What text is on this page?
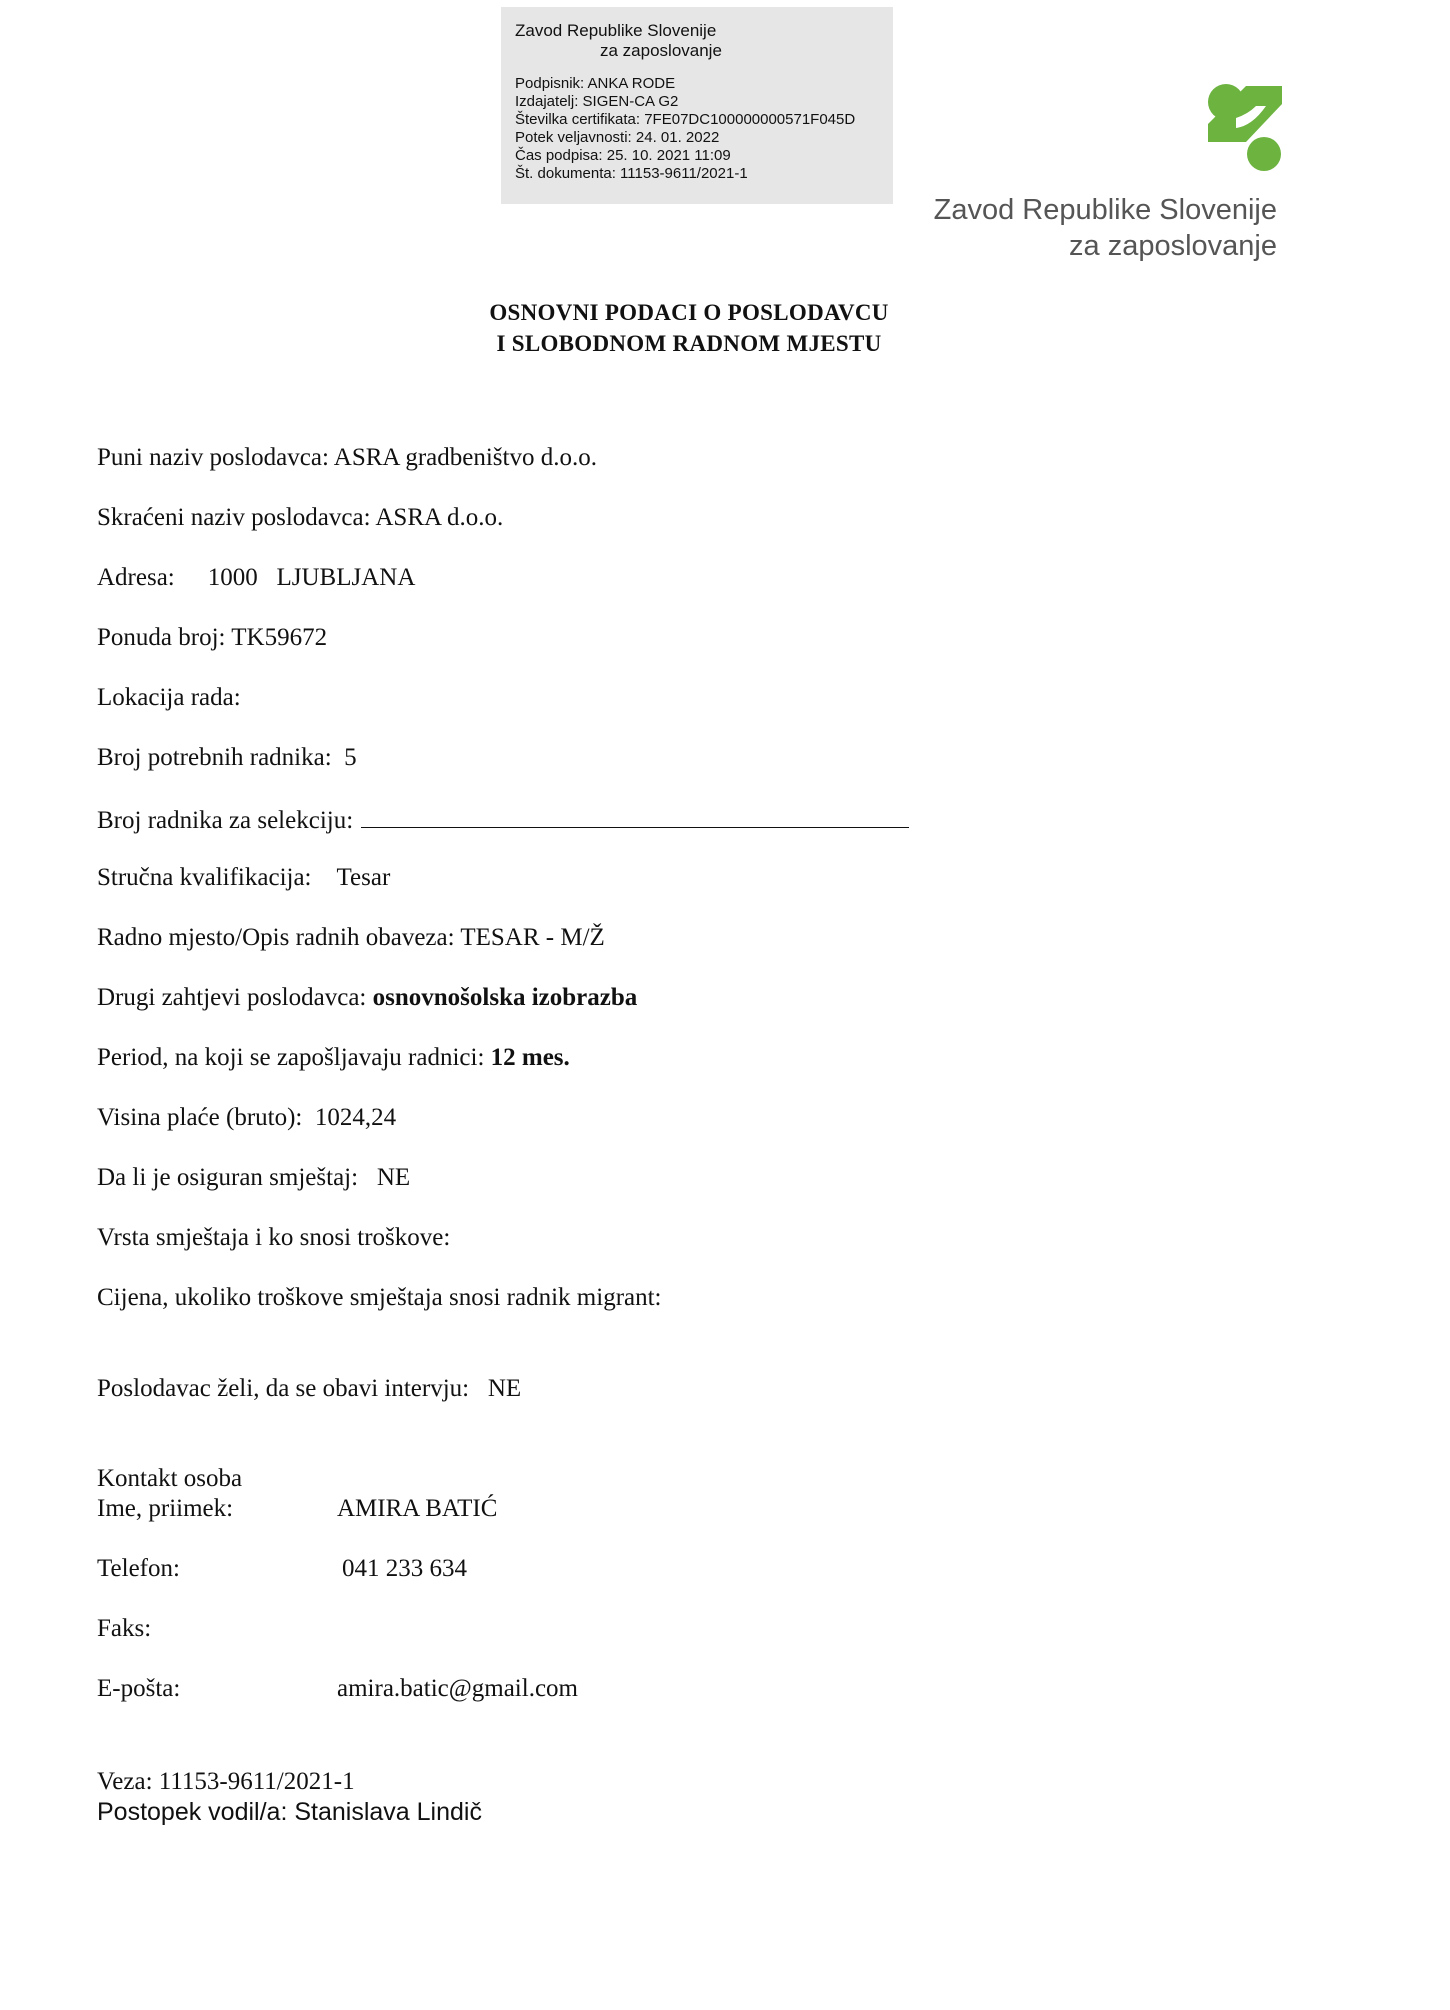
Zavod Republike Slovenije
za zaposlovanje
Podpisnik: ANKA RODE
Izdajatelj: SIGEN-CA G2
Številka certifikata: 7FE07DC100000000571F045D
Potek veljavnosti: 24. 01. 2022
Čas podpisa: 25. 10. 2021 11:09
Št. dokumenta: 11153-9611/2021-1
Zavod Republike Slovenije
za zaposlovanje
OSNOVNI PODACI O POSLODAVCU
I SLOBODNOM RADNOM MJESTU
Puni naziv poslodavca: ASRA gradbeništvo d.o.o.
Skraćeni naziv poslodavca: ASRA d.o.o.
Adresa: 1000   LJUBLJANA
Ponuda broj: TK59672
Lokacija rada:
Broj potrebnih radnika: 5
Broj radnika za selekciju:
Stručna kvalifikacija: Tesar
Radno mjesto/Opis radnih obaveza: TESAR - M/Ž
Drugi zahtjevi poslodavca: osnovnošolska izobrazba
Period, na koji se zapošljavaju radnici: 12 mes.
Visina plaće (bruto): 1024,24
Da li je osiguran smještaj: NE
Vrsta smještaja i ko snosi troškove:
Cijena, ukoliko troškove smještaja snosi radnik migrant:
Poslodavac želi, da se obavi intervju: NE
Kontakt osoba
Ime, priimek:	AMIRA BATIĆ
Telefon:	041 233 634
Faks:
E-pošta:	amira.batic@gmail.com
Veza: 11153-9611/2021-1
Postopek vodil/a: Stanislava Lindič
